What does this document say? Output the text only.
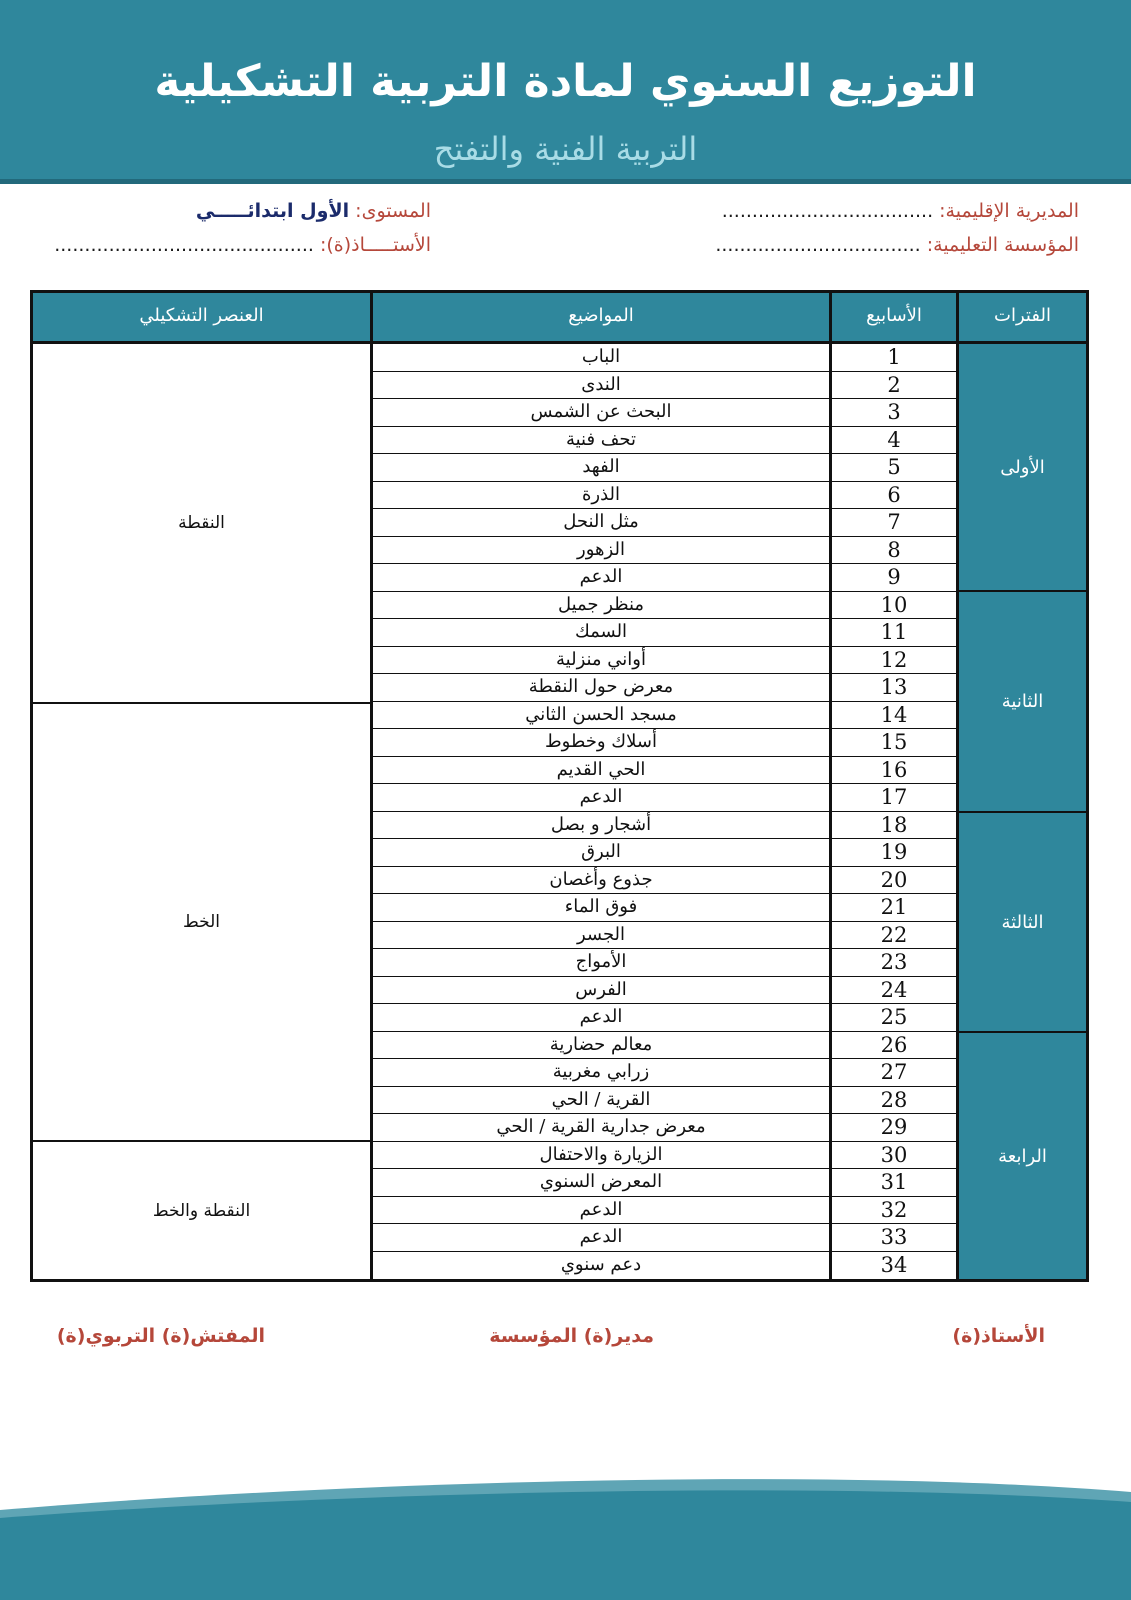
التوزيع السنوي لمادة التربية التشكيلية
التربية الفنية والتفتح
المديرية الإقليمية: ...................................
المؤسسة التعليمية: ..................................
المستوى: الأول ابتدائـــــي
الأستـــــاذ(ة): ...........................................
الفترات
الأسابيع
المواضيع
العنصر التشكيلي
الأولى
الثانية
الثالثة
الرابعة
النقطة
الخط
النقطة والخط
1
الباب
2
الندى
3
البحث عن الشمس
4
تحف فنية
5
الفهد
6
الذرة
7
مثل النحل
8
الزهور
9
الدعم
10
منظر جميل
11
السمك
12
أواني منزلية
13
معرض حول النقطة
14
مسجد الحسن الثاني
15
أسلاك وخطوط
16
الحي القديم
17
الدعم
18
أشجار و بصل
19
البرق
20
جذوع وأغصان
21
فوق الماء
22
الجسر
23
الأمواج
24
الفرس
25
الدعم
26
معالم حضارية
27
زرابي مغربية
28
القرية / الحي
29
معرض جدارية القرية / الحي
30
الزيارة والاحتفال
31
المعرض السنوي
32
الدعم
33
الدعم
34
دعم سنوي
الأستاذ(ة)
مدير(ة) المؤسسة
المفتش(ة) التربوي(ة)
